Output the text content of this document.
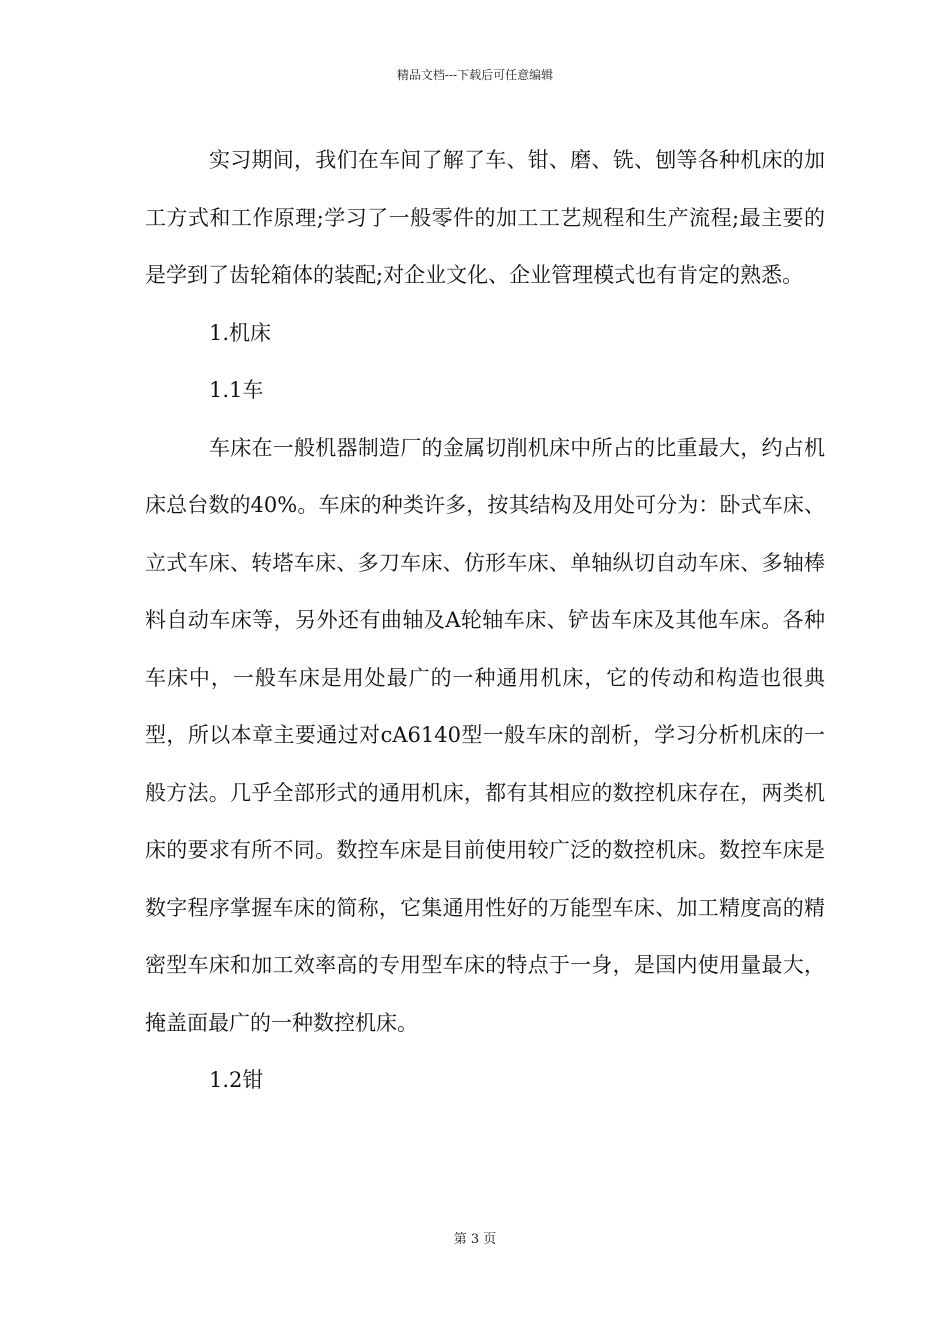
精品文档---下载后可任意编辑

实习期间，我们在车间了解了车、钳、磨、铣、刨等各种机床的加工方式和工作原理;学习了一般零件的加工工艺规程和生产流程;最主要的是学到了齿轮箱体的装配;对企业文化、企业管理模式也有肯定的熟悉。

1.机床

1.1车

车床在一般机器制造厂的金属切削机床中所占的比重最大，约占机床总台数的40%。车床的种类许多，按其结构及用处可分为：卧式车床、立式车床、转塔车床、多刀车床、仿形车床、单轴纵切自动车床、多轴棒料自动车床等，另外还有曲轴及A轮轴车床、铲齿车床及其他车床。各种车床中，一般车床是用处最广的一种通用机床，它的传动和构造也很典型，所以本章主要通过对cA6140型一般车床的剖析，学习分析机床的一般方法。几乎全部形式的通用机床，都有其相应的数控机床存在，两类机床的要求有所不同。数控车床是目前使用较广泛的数控机床。数控车床是数字程序掌握车床的简称，它集通用性好的万能型车床、加工精度高的精密型车床和加工效率高的专用型车床的特点于一身，是国内使用量最大，掩盖面最广的一种数控机床。

1.2钳

第 3 页
